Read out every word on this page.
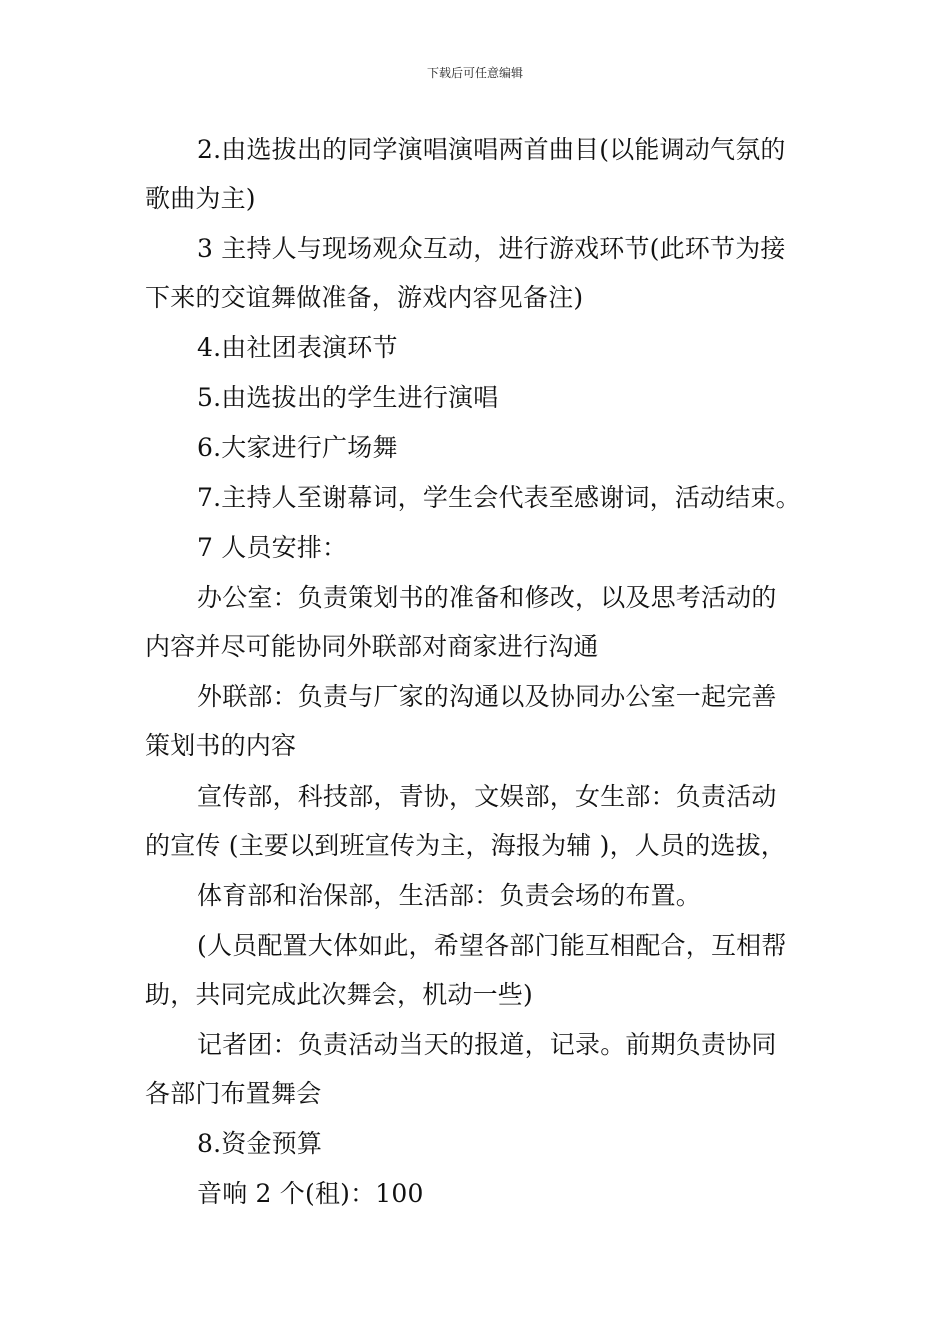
下载后可任意编辑
2.由选拔出的同学演唱演唱两首曲目(以能调动气氛的
歌曲为主)
3 主持人与现场观众互动，进行游戏环节(此环节为接
下来的交谊舞做准备，游戏内容见备注)
4.由社团表演环节
5.由选拔出的学生进行演唱
6.大家进行广场舞
7.主持人至谢幕词，学生会代表至感谢词，活动结束。
7 人员安排：
办公室：负责策划书的准备和修改，以及思考活动的
内容并尽可能协同外联部对商家进行沟通
外联部：负责与厂家的沟通以及协同办公室一起完善
策划书的内容
宣传部，科技部，青协，文娱部，女生部：负责活动
的宣传 (主要以到班宣传为主，海报为辅 )，人员的选拔，
体育部和治保部，生活部：负责会场的布置。
(人员配置大体如此，希望各部门能互相配合，互相帮
助，共同完成此次舞会，机动一些)
记者团：负责活动当天的报道，记录。前期负责协同
各部门布置舞会
8.资金预算
音响 2 个(租)：100
